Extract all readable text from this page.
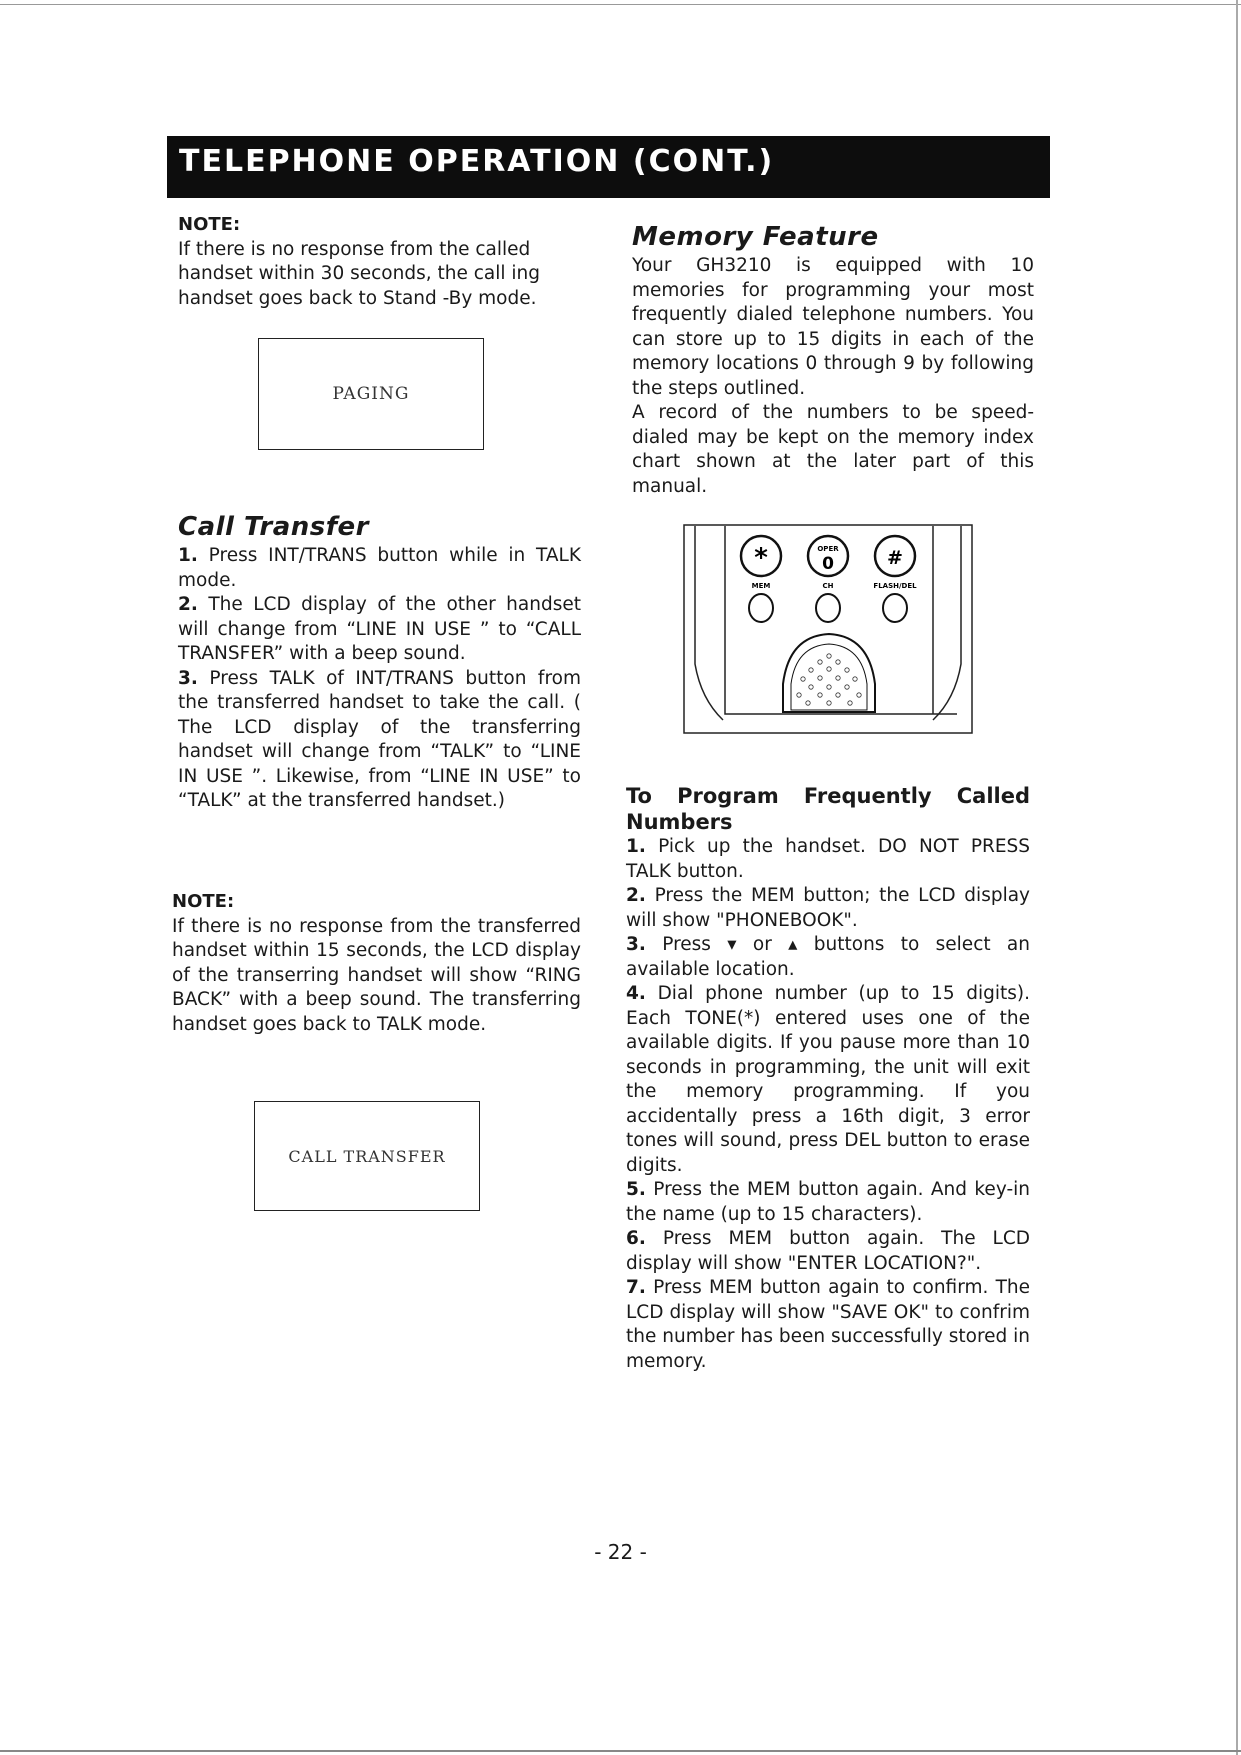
TELEPHONE OPERATION (CONT.)

NOTE:

If there is no response from the called handset within 30 seconds, the call ing handset goes back to Stand -By mode.

PAGING

Call Transfer

1. Press INT/TRANS button while in TALK mode.

2. The LCD display of the other handset will change from “LINE IN USE ” to “CALL TRANSFER” with a beep sound.

3. Press TALK of INT/TRANS button from the transferred handset to take the call. ( The LCD display of the transferring handset will change from “TALK” to “LINE IN USE ”. Likewise, from “LINE IN USE” to “TALK” at the transferred handset.)

NOTE:

If there is no response from the transferred handset within 15 seconds, the LCD display of the transerring handset will show “RING BACK” with a beep sound. The transferring handset goes back to TALK mode.

CALL TRANSFER

Memory Feature

Your GH3210 is equipped with 10 memories for programming your most frequently dialed telephone numbers. You can store up to 15 digits in each of the memory locations 0 through 9 by following the steps outlined.

A record of the numbers to be speed-dialed may be kept on the memory index chart shown at the later part of this manual.

*	OPER
0	#
MEM	CH	FLASH/DEL

To Program Frequently Called Numbers

1. Pick up the handset. DO NOT PRESS TALK button.

2. Press the MEM button; the LCD display will show "PHONEBOOK".

3. Press ▾ or ▴ buttons to select an available location.

4. Dial phone number (up to 15 digits). Each TONE(*) entered uses one of the available digits. If you pause more than 10 seconds in programming, the unit will exit the memory programming. If you accidentally press a 16th digit, 3 error tones will sound, press DEL button to erase digits.

5. Press the MEM button again. And key-in the name (up to 15 characters).

6. Press MEM button again. The LCD display will show "ENTER LOCATION?".

7. Press MEM button again to confirm. The LCD display will show "SAVE OK" to confrim the number has been successfully stored in memory.

- 22 -
